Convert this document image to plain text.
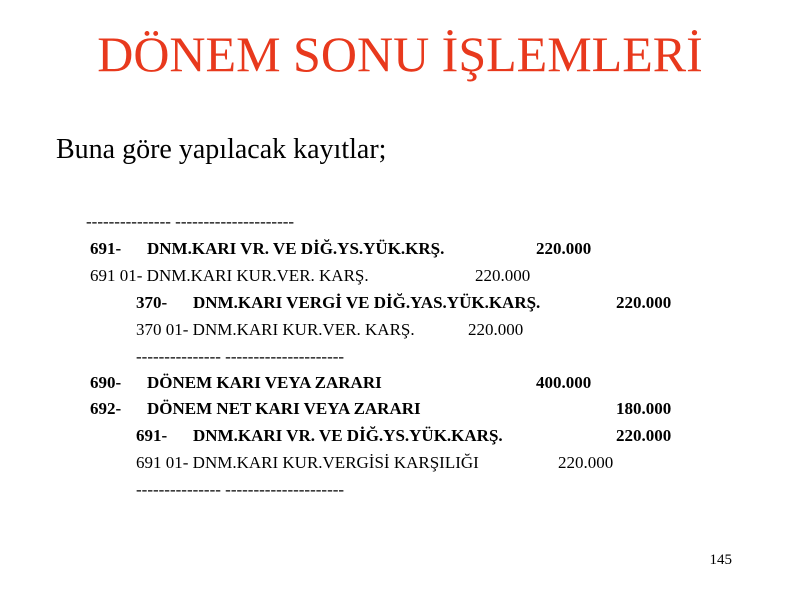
DÖNEM SONU İŞLEMLERİ
Buna göre yapılacak kayıtlar;
--------------- ---------------------
691- DNM.KARI VR. VE DİĞ.YS.YÜK.KRŞ.	220.000
691 01- DNM.KARI KUR.VER. KARŞ.	220.000
370- DNM.KARI VERGİ VE DİĞ.YAS.YÜK.KARŞ.	220.000
370 01- DNM.KARI KUR.VER. KARŞ.	220.000
--------------- ---------------------
690- DÖNEM KARI VEYA ZARARI	400.000
692- DÖNEM NET KARI VEYA ZARARI	180.000
691- DNM.KARI VR. VE DİĞ.YS.YÜK.KARŞ.	220.000
691 01- DNM.KARI KUR.VERGİSİ KARŞILIĞI	220.000
--------------- ---------------------
145
